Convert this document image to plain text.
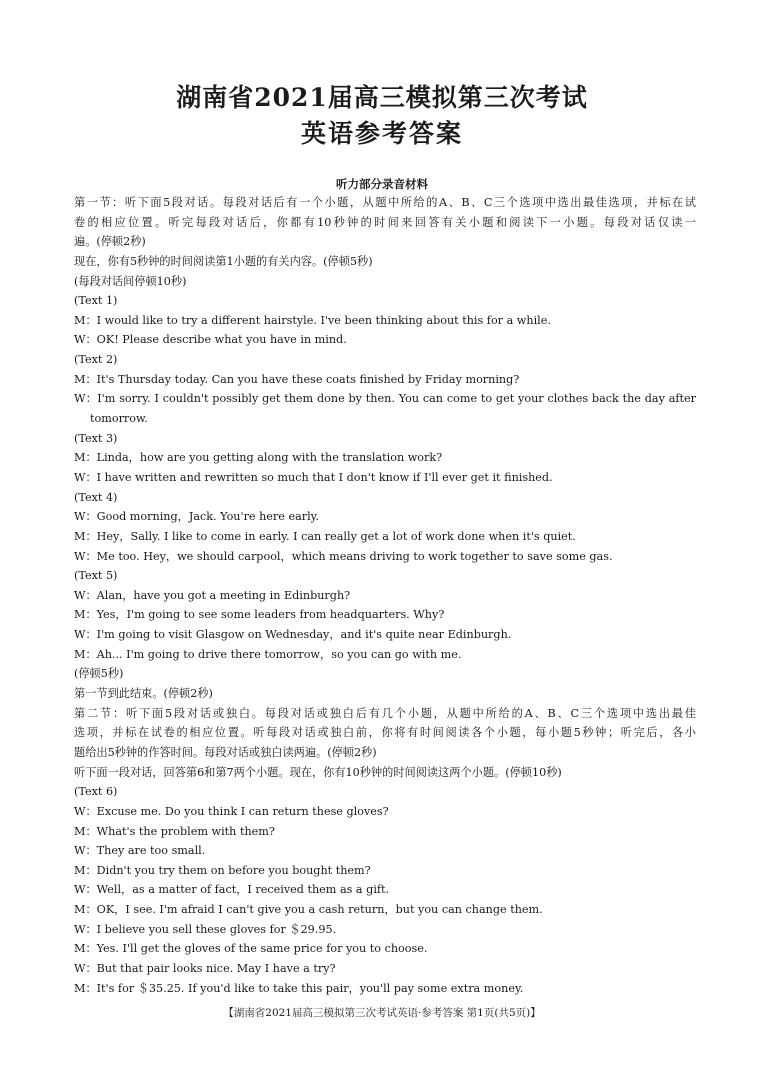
湖南省2021届高三模拟第三次考试
英语参考答案
听力部分录音材料
第一节：听下面5段对话。每段对话后有一个小题，从题中所给的A、B、C三个选项中选出最佳选项，并标在试
卷的相应位置。听完每段对话后，你都有10秒钟的时间来回答有关小题和阅读下一小题。每段对话仅读一
遍。(停顿2秒)
现在，你有5秒钟的时间阅读第1小题的有关内容。(停顿5秒)
(每段对话间停顿10秒)
(Text 1)
M：I would like to try a different hairstyle. I've been thinking about this for a while.
W：OK! Please describe what you have in mind.
(Text 2)
M：It's Thursday today. Can you have these coats finished by Friday morning?
W：I'm sorry. I couldn't possibly get them done by then. You can come to get your clothes back the day after
tomorrow.
(Text 3)
M：Linda，how are you getting along with the translation work?
W：I have written and rewritten so much that I don't know if I'll ever get it finished.
(Text 4)
W：Good morning，Jack. You're here early.
M：Hey，Sally. I like to come in early. I can really get a lot of work done when it's quiet.
W：Me too. Hey，we should carpool，which means driving to work together to save some gas.
(Text 5)
W：Alan，have you got a meeting in Edinburgh?
M：Yes，I'm going to see some leaders from headquarters. Why?
W：I'm going to visit Glasgow on Wednesday，and it's quite near Edinburgh.
M：Ah... I'm going to drive there tomorrow，so you can go with me.
(停顿5秒)
第一节到此结束。(停顿2秒)
第二节：听下面5段对话或独白。每段对话或独白后有几个小题，从题中所给的A、B、C三个选项中选出最佳
选项，并标在试卷的相应位置。听每段对话或独白前，你将有时间阅读各个小题，每小题5秒钟；听完后，各小
题给出5秒钟的作答时间。每段对话或独白读两遍。(停顿2秒)
听下面一段对话，回答第6和第7两个小题。现在，你有10秒钟的时间阅读这两个小题。(停顿10秒)
(Text 6)
W：Excuse me. Do you think I can return these gloves?
M：What's the problem with them?
W：They are too small.
M：Didn't you try them on before you bought them?
W：Well，as a matter of fact，I received them as a gift.
M：OK，I see. I'm afraid I can't give you a cash return，but you can change them.
W：I believe you sell these gloves for ＄29.95.
M：Yes. I'll get the gloves of the same price for you to choose.
W：But that pair looks nice. May I have a try?
M：It's for ＄35.25. If you'd like to take this pair，you'll pay some extra money.
【湖南省2021届高三模拟第三次考试英语·参考答案 第1页(共5页)】
